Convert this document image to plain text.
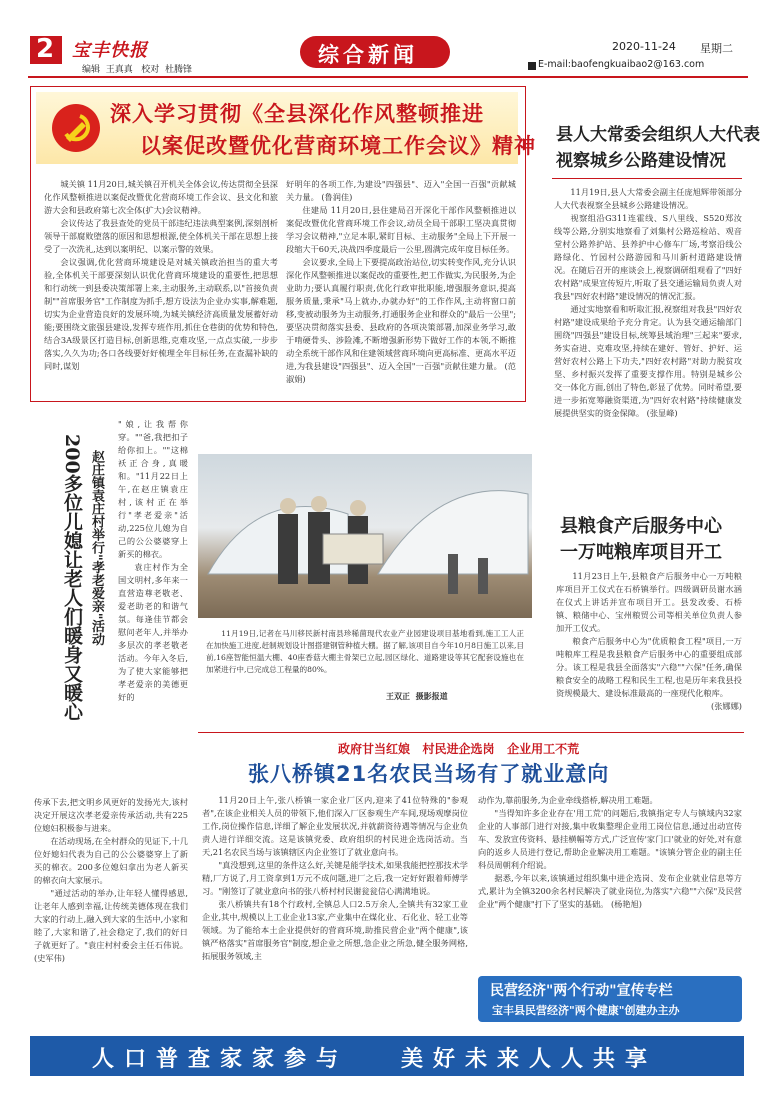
2 宝丰快报
编辑  王真真   校对  杜腾锋
综合新闻	2020-11-24 星期二
E-mail:baofengkuaibao2@163.com
深入学习贯彻《全县深化作风整顿推进
以案促改暨优化营商环境工作会议》精神

城关镇 11月20日,城关镇召开机关全体会议,传达贯彻全县深化作风整顿推进以案促改暨优化营商环境工作会议、县文化和旅游大会和县政府第七次全体(扩大)会议精神。

会议传达了我县查处的党员干部违纪违法典型案例,深刻剖析领导干部腐败堕落的原因和思想根源,使全体机关干部在思想上接受了一次洗礼,达到以案明纪、以案示警的效果。

会议强调,优化营商环境建设是对城关镇政治担当的重大考验,全体机关干部要深刻认识优化营商环境建设的重要性,把思想和行动统一到县委决策部署上来,主动服务,主动联系,以"首接负责制""首席服务官"工作制度为抓手,想方设法为企业办实事,解难题,切实为企业营造良好的发展环境,为城关镇经济高质量发展蓄好动能;要围绕文旅强县建设,发挥专班作用,抓住仓巷街的优势和特色,结合3A级景区打造目标,创新思维,克难攻坚,一点点实破,一步步落实,久久为功;各口各线要好好梳理全年目标任务,在查漏补缺的同时,谋划

好明年的各项工作,为建设"四强县"、迈入"全国一百强"贡献城关力量。 (鲁润佳)

住建局 11月20日,县住建局召开深化干部作风整顿推进以案促改暨优化营商环境工作会议,动员全局干部职工坚决真贯彻学习会议精神,"立足本职,紧盯目标、主动服务"全局上下开展一段缩大干60天,决战四季度最后一公里,圆满完成年度目标任务。

会议要求,全局上下要提高政治站位,切实转变作风,充分认识深化作风整顿推进以案促改的重要性,把工作做实,为民服务,为企业助力;要认真履行职责,优化行政审批职能,增强服务意识,提高服务质量,秉承"马上就办,办就办好"的工作作风,主动将窗口前移,变被动服务为主动服务,打通服务企业和群众的"最后一公里";要坚决贯彻落实县委、县政府的各项决策部署,加深业务学习,敢于啃硬骨头、涉险滩,不断增强新形势下做好工作的本领,不断推动全系统干部作风和住建领域营商环境向更高标准、更高水平迈进,为我县建设"四强县"、迈入全国"一百强"贡献住建力量。 (范淑娟)

县人大常委会组织人大代表
视察城乡公路建设情况

11月19日,县人大常委会副主任庞旭辉带领部分人大代表视察全县城乡公路建设情况。

视察组沿G311连霍线、S八里线、S520郑汝线等公路,分别实地察看了刘集村公路巡检站、观音堂村公路养护站、县养护中心修车厂场,考察沿线公路绿化、竹园村公路游园和马川新村道路建设情况。在随后召开的座谈会上,视察调研组观看了"四好农村路"成果宣传短片,听取了县交通运输局负责人对我县"四好农村路"建设情况的情况汇报。

通过实地察看和听取汇报,视察组对我县"四好农村路"建设成果给予充分肯定。认为县交通运输部门围绕"四强县"建设目标,统筹县域治理"三起来"要求,务实奋进、克难攻坚,持续在建好、管好、护好、运营好农村公路上下功夫,"四好农村路"对助力脱贫攻坚、乡村振兴发挥了重要支撑作用。特别是城乡公交一体化方面,创出了特色,彰显了优势。同时希望,要进一步拓宽筹融资渠道,为"四好农村路"持续健康发展提供坚实的资金保障。 (张显峰)

200多位儿媳让老人们暖身又暖心 赵庄镇袁庄村举行"孝老爱亲"活动

"娘,让我帮你穿。""爸,我把扣子给你扣上。""这棉袄正合身,真暖和。"11月22日上午,在赵庄镇袁庄村,该村正在举行"孝老爱亲"活动,225位儿媳为自己的公公婆婆穿上新买的棉衣。

袁庄村作为全国文明村,多年来一直营造尊老敬老、爱老助老的和谐气氛。每逢佳节都会慰问老年人,并举办多层次的孝老敬老活动。今年入冬后,为了使大家能够把孝老爱亲的美德更好的

传承下去,把文明乡风更好的发扬光大,该村决定开展这次孝老爱亲传承活动,共有225位媳妇积极参与进来。

在活动现场,在全村群众的见证下,十几位好媳妇代表为自己的公公婆婆穿上了新买的棉衣。200多位媳妇拿出为老人新买的棉衣向大家展示。

"通过活动的举办,让年轻人懂得感恩,让老年人感到幸福,让传统美德体现在我们大家的行动上,融入到大家的生活中,小家和睦了,大家和谐了,社会稳定了,我们的好日子就更好了。"袁庄村村委会主任石伟说。 (史军伟)

11月19日,记者在马川移民新村南县珍稀菌现代农业产业园建设项目基地看到,施工工人正在加快施工进度,赶制规划设计图搭建钢管种植大棚。据了解,该项目自今年10月8日施工以来,目前,16座智能恒温大棚、40座香菇大棚主骨架已立起,园区绿化、道路建设等其它配套设施也在加紧进行中,已完成总工程量的80%。
王双正  摄影报道
县粮食产后服务中心
一万吨粮库项目开工

11月23日上午,县粮食产后服务中心一万吨粮库项目开工仪式在石桥镇举行。四级调研员谢水涵在仪式上讲话并宣布项目开工。县发改委、石桥镇、粮储中心、宝州粮贸公司等相关单位负责人参加开工仪式。

粮食产后服务中心为"优质粮食工程"项目,一万吨粮库工程是我县粮食产后服务中心的重要组成部分。该工程是我县全面落实"六稳""六保"任务,确保粮食安全的战略工程和民生工程,也是历年来我县投资规模最大、建设标准最高的一座现代化粮库。

(张娜娜)

政府甘当红娘   村民进企选岗   企业用工不荒
张八桥镇21名农民当场有了就业意向

11月20日上午,张八桥镇一家企业厂区内,迎来了41位特殊的"参观者",在该企业相关人员的带领下,他们深入厂区参观生产车间,现场观摩岗位工作,岗位操作信息,详细了解企业发展状况,并就薪资待遇等情况与企业负责人进行详细交流。这是该镇党委、政府组织的村民进企选岗活动。当天,21名农民当场与该镇辖区内企业签订了就业意向书。

"真没想到,这里的条件这么好,关键是能学技术,如果我能把控那技术学精,厂方说了,月工资拿到1万元不成问题,进厂之后,我一定好好跟着师傅学习。"刚签订了就业意向书的张八桥村村民谢瓮瓮信心满满地说。

张八桥镇共有18个行政村,全镇总人口2.5万余人,全镇共有32家工业企业,其中,规模以上工业企业13家,产业集中在煤化业、石化业、轻工业等领域。为了能给本土企业提供好的营商环境,助推民营企业"两个健康",该镇严格落实"首席服务官"制度,想企业之所想,急企业之所急,健全服务网格,拓展服务领域,主

动作为,靠前服务,为企业牵线搭桥,解决用工难题。

"当得知许多企业存在'用工荒'的问题后,我镇指定专人与镇域内32家企业的人事部门进行对接,集中收集整理企业用工岗位信息,通过出动宣传车、发放宣传资料、悬挂横幅等方式,广泛宣传'家门口'就业的好处,对有意向的返乡人员进行登记,帮助企业解决用工难题。"该镇分管企业的副主任科员周朝利介绍说。

据悉,今年以来,该镇通过组织集中进企选岗、发布企业就业信息等方式,累计为全镇3200余名村民解决了就业岗位,为落实"六稳""六保"及民营企业"两个健康"打下了坚实的基础。 (杨艳旭)

民营经济"两个行动"宣传专栏
宝丰县民营经济"两个健康"创建办主办
人口普查家家参与   美好未来人人共享
